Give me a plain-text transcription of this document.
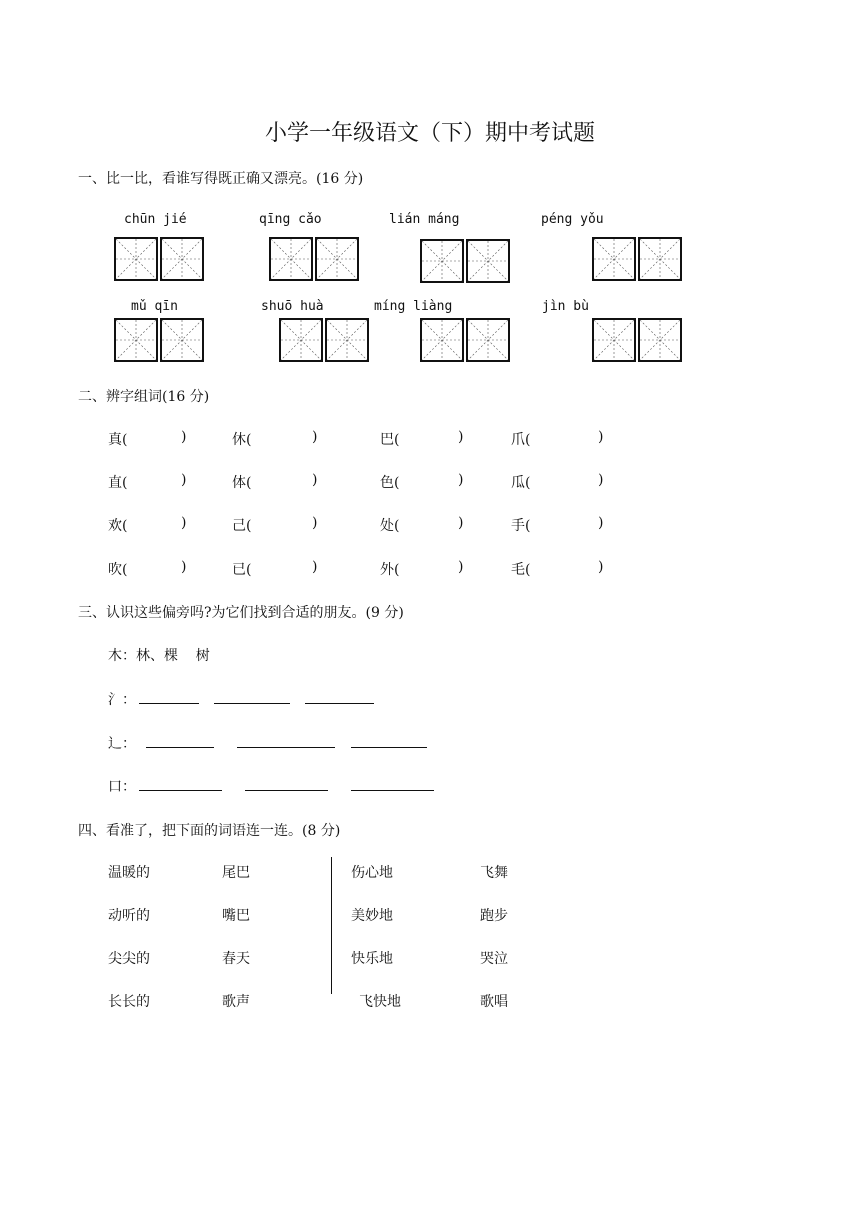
小学一年级语文（下）期中考试题
一、比一比，看谁写得既正确又漂亮。(16 分)
chūn jié	qīng cǎo	lián máng	péng yǒu
mǔ qīn	shuō huà	míng liàng	jìn bù
二、辨字组词(16 分)
真(	)	休(	)	巴(	)	爪(	)
直(	)	体(	)	色(	)	瓜(	)
欢(	)	己(	)	处(	)	手(	)
吹(	)	已(	)	外(	)	毛(	)
三、认识这些偏旁吗?为它们找到合适的朋友。(9 分)
木：林、棵    树
氵：
辶：
口：
四、看准了，把下面的词语连一连。(8 分)
温暖的	尾巴	伤心地	飞舞
动听的	嘴巴	美妙地	跑步
尖尖的	春天	快乐地	哭泣
长长的	歌声	飞快地	歌唱
